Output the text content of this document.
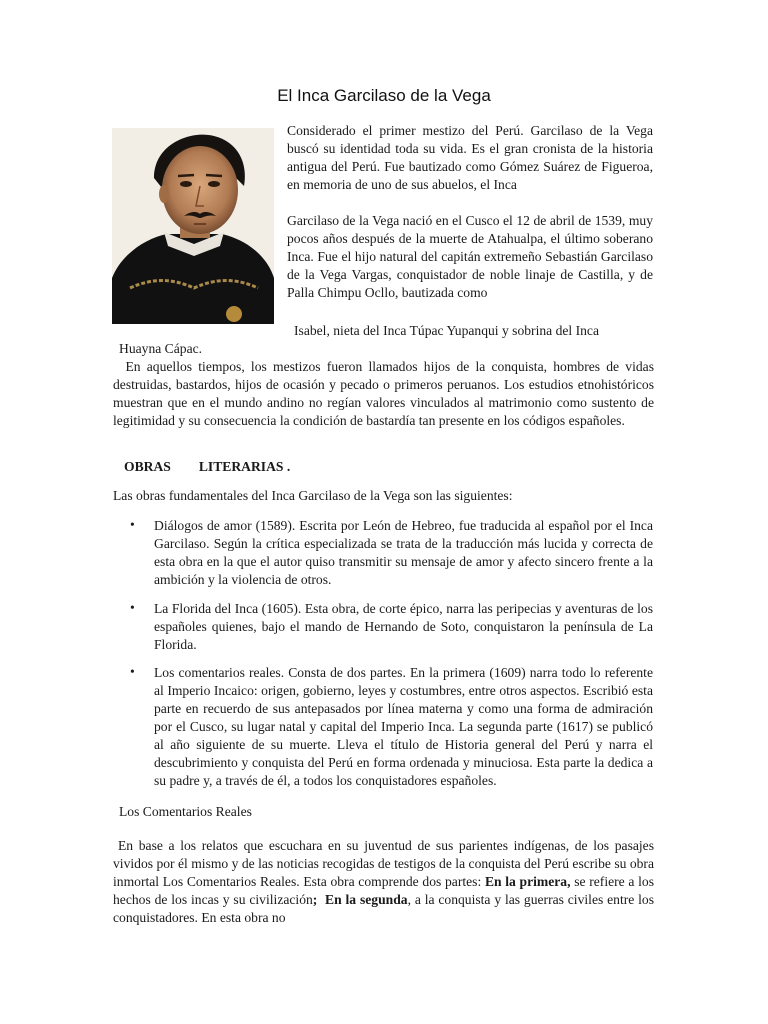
El Inca Garcilaso de la Vega

Considerado el primer mestizo del Perú. Garcilaso de la Vega buscó su identidad toda su vida. Es el gran cronista de la historia antigua del Perú. Fue bautizado como Gómez Suárez de Figueroa, en memoria de uno de sus abuelos, el Inca

Garcilaso de la Vega nació en el Cusco el 12 de abril de 1539, muy pocos años después de la muerte de Atahualpa, el último soberano Inca. Fue el hijo natural del capitán extremeño Sebastián Garcilaso de la Vega Vargas, conquistador de noble linaje de Castilla, y de Palla Chimpu Ocllo, bautizada como

Isabel, nieta del Inca Túpac Yupanqui y sobrina del Inca

Huayna Cápac.

En aquellos tiempos, los mestizos fueron llamados hijos de la conquista, hombres de vidas destruidas, bastardos, hijos de ocasión y pecado o primeros peruanos. Los estudios etnohistóricos muestran que en el mundo andino no regían valores vinculados al matrimonio como sustento de legitimidad y su consecuencia la condición de bastardía tan presente en los códigos españoles.

OBRAS LITERARIAS .

Las obras fundamentales del Inca Garcilaso de la Vega son las siguientes:

• Diálogos de amor (1589). Escrita por León de Hebreo, fue traducida al español por el Inca Garcilaso. Según la crítica especializada se trata de la traducción más lucida y correcta de esta obra en la que el autor quiso transmitir su mensaje de amor y afecto sincero frente a la ambición y la violencia de otros.

• La Florida del Inca (1605). Esta obra, de corte épico, narra las peripecias y aventuras de los españoles quienes, bajo el mando de Hernando de Soto, conquistaron la península de La Florida.

• Los comentarios reales. Consta de dos partes. En la primera (1609) narra todo lo referente al Imperio Incaico: origen, gobierno, leyes y costumbres, entre otros aspectos. Escribió esta parte en recuerdo de sus antepasados por línea materna y como una forma de admiración por el Cusco, su lugar natal y capital del Imperio Inca. La segunda parte (1617) se publicó al año siguiente de su muerte. Lleva el título de Historia general del Perú y narra el descubrimiento y conquista del Perú en forma ordenada y minuciosa. Esta parte la dedica a su padre y, a través de él, a todos los conquistadores españoles.

Los Comentarios Reales

En base a los relatos que escuchara en su juventud de sus parientes indígenas, de los pasajes vividos por él mismo y de las noticias recogidas de testigos de la conquista del Perú escribe su obra inmortal Los Comentarios Reales. Esta obra comprende dos partes: En la primera, se refiere a los hechos de los incas y su civilización; En la segunda, a la conquista y las guerras civiles entre los conquistadores. En esta obra no
